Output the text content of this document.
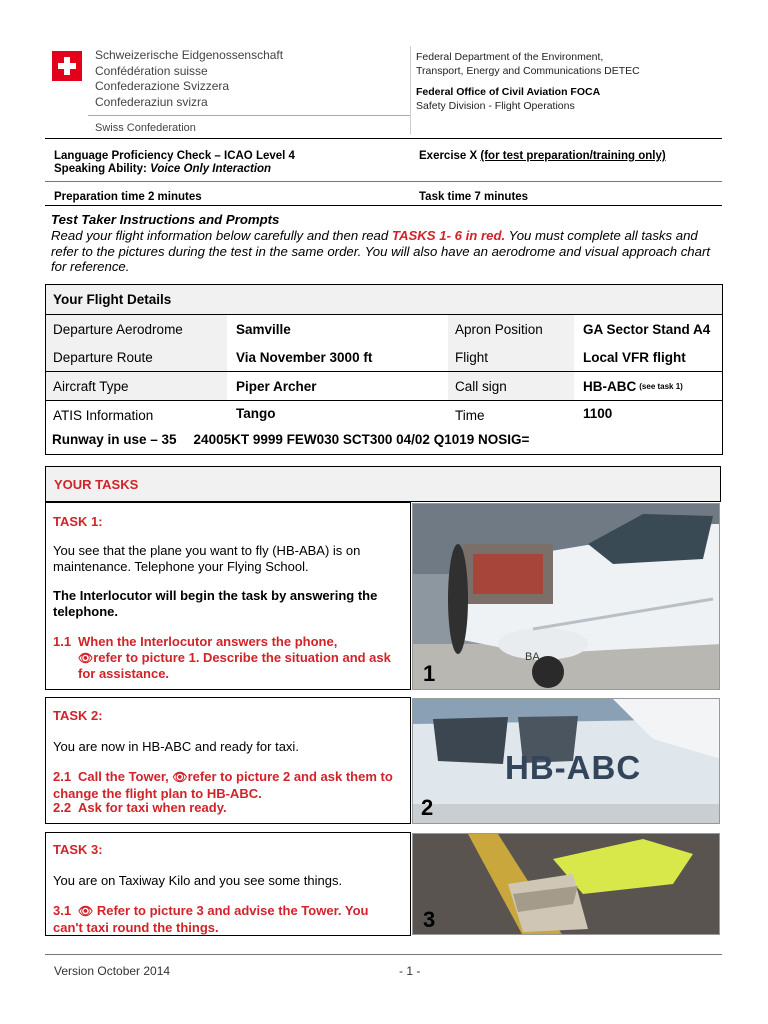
Schweizerische Eidgenossenschaft
Confédération suisse
Confederazione Svizzera
Confederaziun svizra
Swiss Confederation
Federal Department of the Environment,
Transport, Energy and Communications DETEC
Federal Office of Civil Aviation FOCA
Safety Division - Flight Operations
Language Proficiency Check – ICAO Level 4
Speaking Ability: Voice Only Interaction
Exercise X (for test preparation/training only)
Preparation time 2 minutes	Task time 7 minutes
Test Taker Instructions and Prompts
Read your flight information below carefully and then read TASKS 1- 6 in red. You must complete all tasks and refer to the pictures during the test in the same order. You will also have an aerodrome and visual approach chart for reference.
Your Flight Details
Departure Aerodrome	Samville	Apron Position	GA Sector Stand A4
Departure Route	Via November 3000 ft	Flight	Local VFR flight
Aircraft Type	Piper Archer	Call sign	HB-ABC (see task 1)
ATIS Information	Tango	Time	1100
Runway in use – 35 24005KT 9999 FEW030 SCT300 04/02 Q1019 NOSIG=
YOUR TASKS
TASK 1:

You see that the plane you want to fly (HB-ABA) is on maintenance. Telephone your Flying School.

The Interlocutor will begin the task by answering the telephone.

1.1 When the Interlocutor answers the phone,
👁refer to picture 1. Describe the situation and ask for assistance.

BA
1
TASK 2:

You are now in HB-ABC and ready for taxi.

2.1 Call the Tower, 👁refer to picture 2 and ask them to change the flight plan to HB-ABC.

2.2 Ask for taxi when ready.

HB-ABC
2
TASK 3:

You are on Taxiway Kilo and you see some things.

3.1 👁 Refer to picture 3 and advise the Tower. You can't taxi round the things.	3
Version October 2014	- 1 -
